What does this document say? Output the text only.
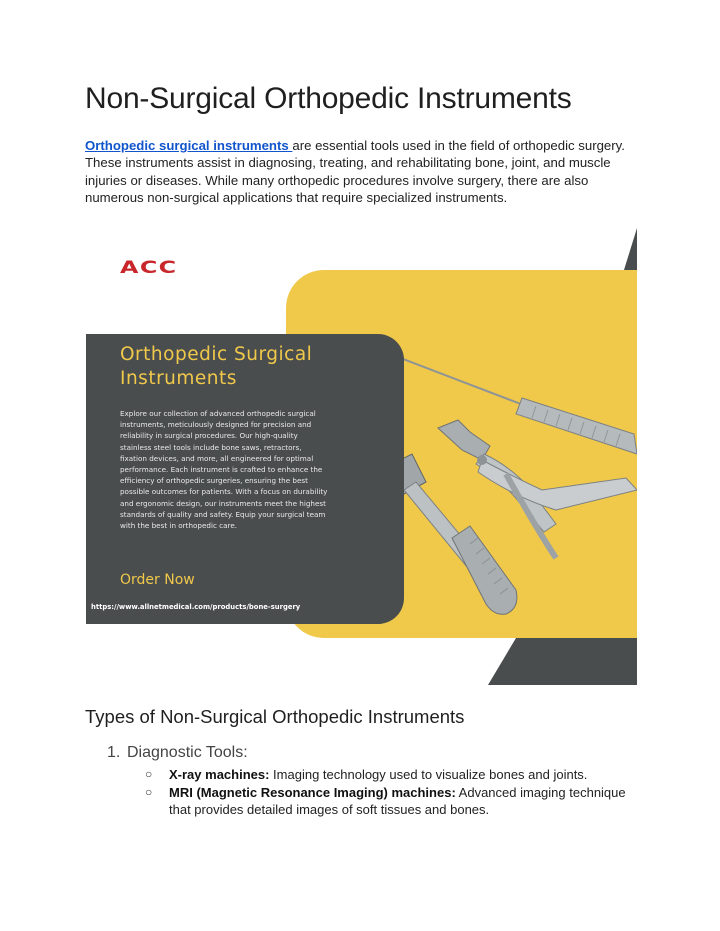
Non-Surgical Orthopedic Instruments

Orthopedic surgical instruments are essential tools used in the field of orthopedic surgery. These instruments assist in diagnosing, treating, and rehabilitating bone, joint, and muscle injuries or diseases. While many orthopedic procedures involve surgery, there are also numerous non-surgical applications that require specialized instruments.

ACC
Orthopedic Surgical Instruments
Explore our collection of advanced orthopedic surgical instruments, meticulously designed for precision and reliability in surgical procedures. Our high-quality stainless steel tools include bone saws, retractors, fixation devices, and more, all engineered for optimal performance. Each instrument is crafted to enhance the efficiency of orthopedic surgeries, ensuring the best possible outcomes for patients. With a focus on durability and ergonomic design, our instruments meet the highest standards of quality and safety. Equip your surgical team with the best in orthopedic care.
Order Now
https://www.allnetmedical.com/products/bone-surgery
Types of Non-Surgical Orthopedic Instruments
1. Diagnostic Tools:
○ X-ray machines: Imaging technology used to visualize bones and joints.
○ MRI (Magnetic Resonance Imaging) machines: Advanced imaging technique that provides detailed images of soft tissues and bones.
